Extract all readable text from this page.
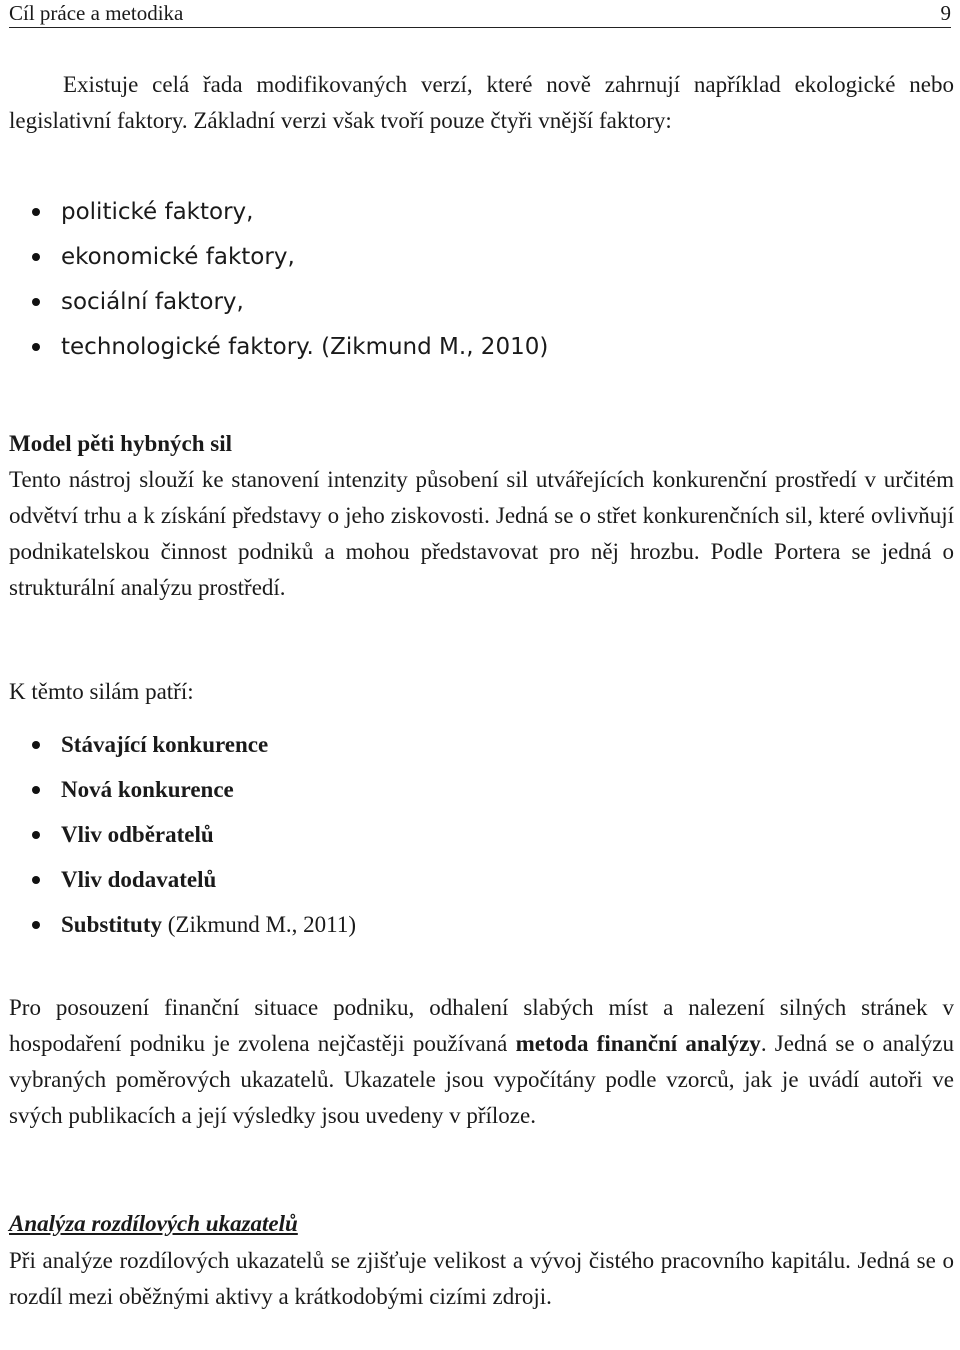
Cíl práce a metodika	9

Existuje celá řada modifikovaných verzí, které nově zahrnují například ekologické nebo legislativní faktory. Základní verzi však tvoří pouze čtyři vnější faktory:

politické faktory,
ekonomické faktory,
sociální faktory,
technologické faktory. (Zikmund M., 2010)
Model pěti hybných sil

Tento nástroj slouží ke stanovení intenzity působení sil utvářejících konkurenční prostředí v určitém odvětví trhu a k získání představy o jeho ziskovosti. Jedná se o střet konkurenčních sil, které ovlivňují podnikatelskou činnost podniků a mohou představovat pro něj hrozbu. Podle Portera se jedná o strukturální analýzu prostředí.

K těmto silám patří:

Stávající konkurence
Nová konkurence
Vliv odběratelů
Vliv dodavatelů
Substituty (Zikmund M., 2011)

Pro posouzení finanční situace podniku, odhalení slabých míst a nalezení silných stránek v hospodaření podniku je zvolena nejčastěji používaná metoda finanční analýzy. Jedná se o analýzu vybraných poměrových ukazatelů. Ukazatele jsou vypočítány podle vzorců, jak je uvádí autoři ve svých publikacích a její výsledky jsou uvedeny v příloze.

Analýza rozdílových ukazatelů

Při analýze rozdílových ukazatelů se zjišťuje velikost a vývoj čistého pracovního kapitálu. Jedná se o rozdíl mezi oběžnými aktivy a krátkodobými cizími zdroji.
